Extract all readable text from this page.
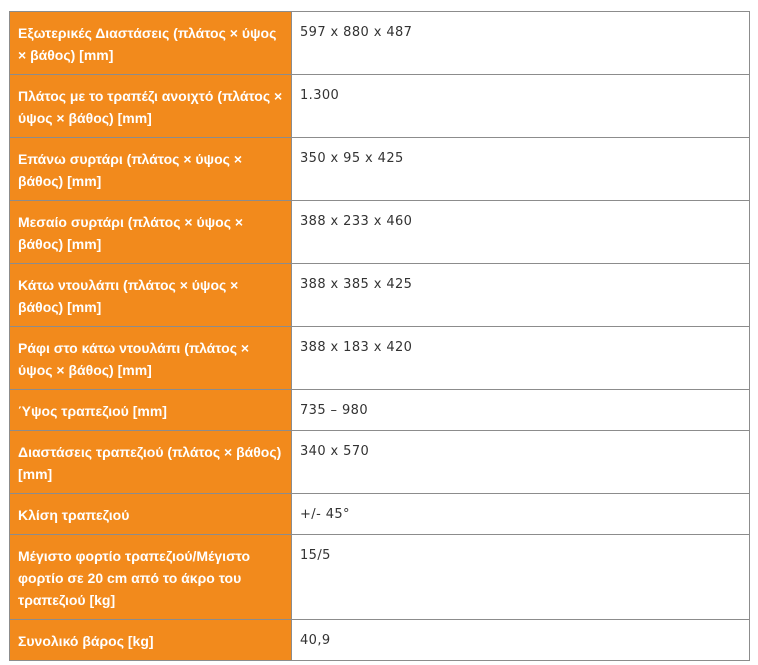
Εξωτερικές Διαστάσεις (πλάτος × ύψος × βάθος) [mm]	597 x 880 x 487
Πλάτος με το τραπέζι ανοιχτό (πλάτος × ύψος × βάθος) [mm]	1.300
Επάνω συρτάρι (πλάτος × ύψος × βάθος) [mm]	350 x 95 x 425
Μεσαίο συρτάρι (πλάτος × ύψος × βάθος) [mm]	388 x 233 x 460
Κάτω ντουλάπι (πλάτος × ύψος × βάθος) [mm]	388 x 385 x 425
Ράφι στο κάτω ντουλάπι (πλάτος × ύψος × βάθος) [mm]	388 x 183 x 420
Ύψος τραπεζιού [mm]	735 – 980
Διαστάσεις τραπεζιού (πλάτος × βάθος) [mm]	340 x 570
Κλίση τραπεζιού	+/- 45°
Μέγιστο φορτίο τραπεζιού/Μέγιστο φορτίο σε 20 cm από το άκρο του τραπεζιού [kg]	15/5
Συνολικό βάρος [kg]	40,9
